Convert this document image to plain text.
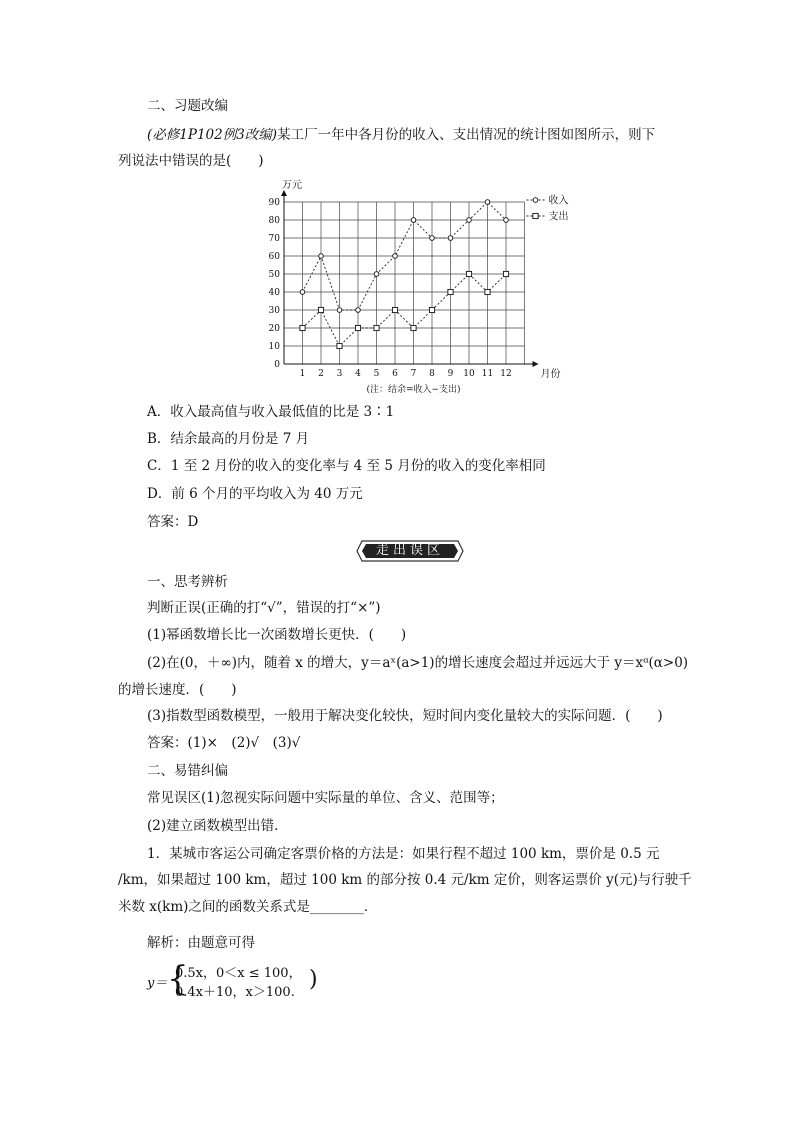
二、习题改编
(必修1P102例3改编)某工厂一年中各月份的收入、支出情况的统计图如图所示，则下
列说法中错误的是(　　)
0
10
20
30
40
50
60
70
80
90
1 2 3 4 5 6 7 8 9 10 11 12
万元
月份
(注：结余=收入−支出)
收入
支出
A．收入最高值与收入最低值的比是 3∶1
B．结余最高的月份是 7 月
C．1 至 2 月份的收入的变化率与 4 至 5 月份的收入的变化率相同
D．前 6 个月的平均收入为 40 万元
答案：D
走出误区
一、思考辨析
判断正误(正确的打“√”，错误的打“×”)
(1)幂函数增长比一次函数增长更快．(　　)
(2)在(0，＋∞)内，随着 x 的增大，y＝aˣ(a>1)的增长速度会超过并远远大于 y＝xᵅ(α>0)
的增长速度．(　　)
(3)指数型函数模型，一般用于解决变化较快，短时间内变化量较大的实际问题．(　　)
答案：(1)×　(2)√　(3)√
二、易错纠偏
常见误区(1)忽视实际问题中实际量的单位、含义、范围等；
(2)建立函数模型出错．
1．某城市客运公司确定客票价格的方法是：如果行程不超过 100 km，票价是 0.5 元
/km，如果超过 100 km，超过 100 km 的部分按 0.4 元/km 定价，则客运票价 y(元)与行驶千
米数 x(km)之间的函数关系式是________．
解析：由题意可得
y＝ {
0.5x，0＜x ≤ 100，
0.4x＋10，x＞100.
)
